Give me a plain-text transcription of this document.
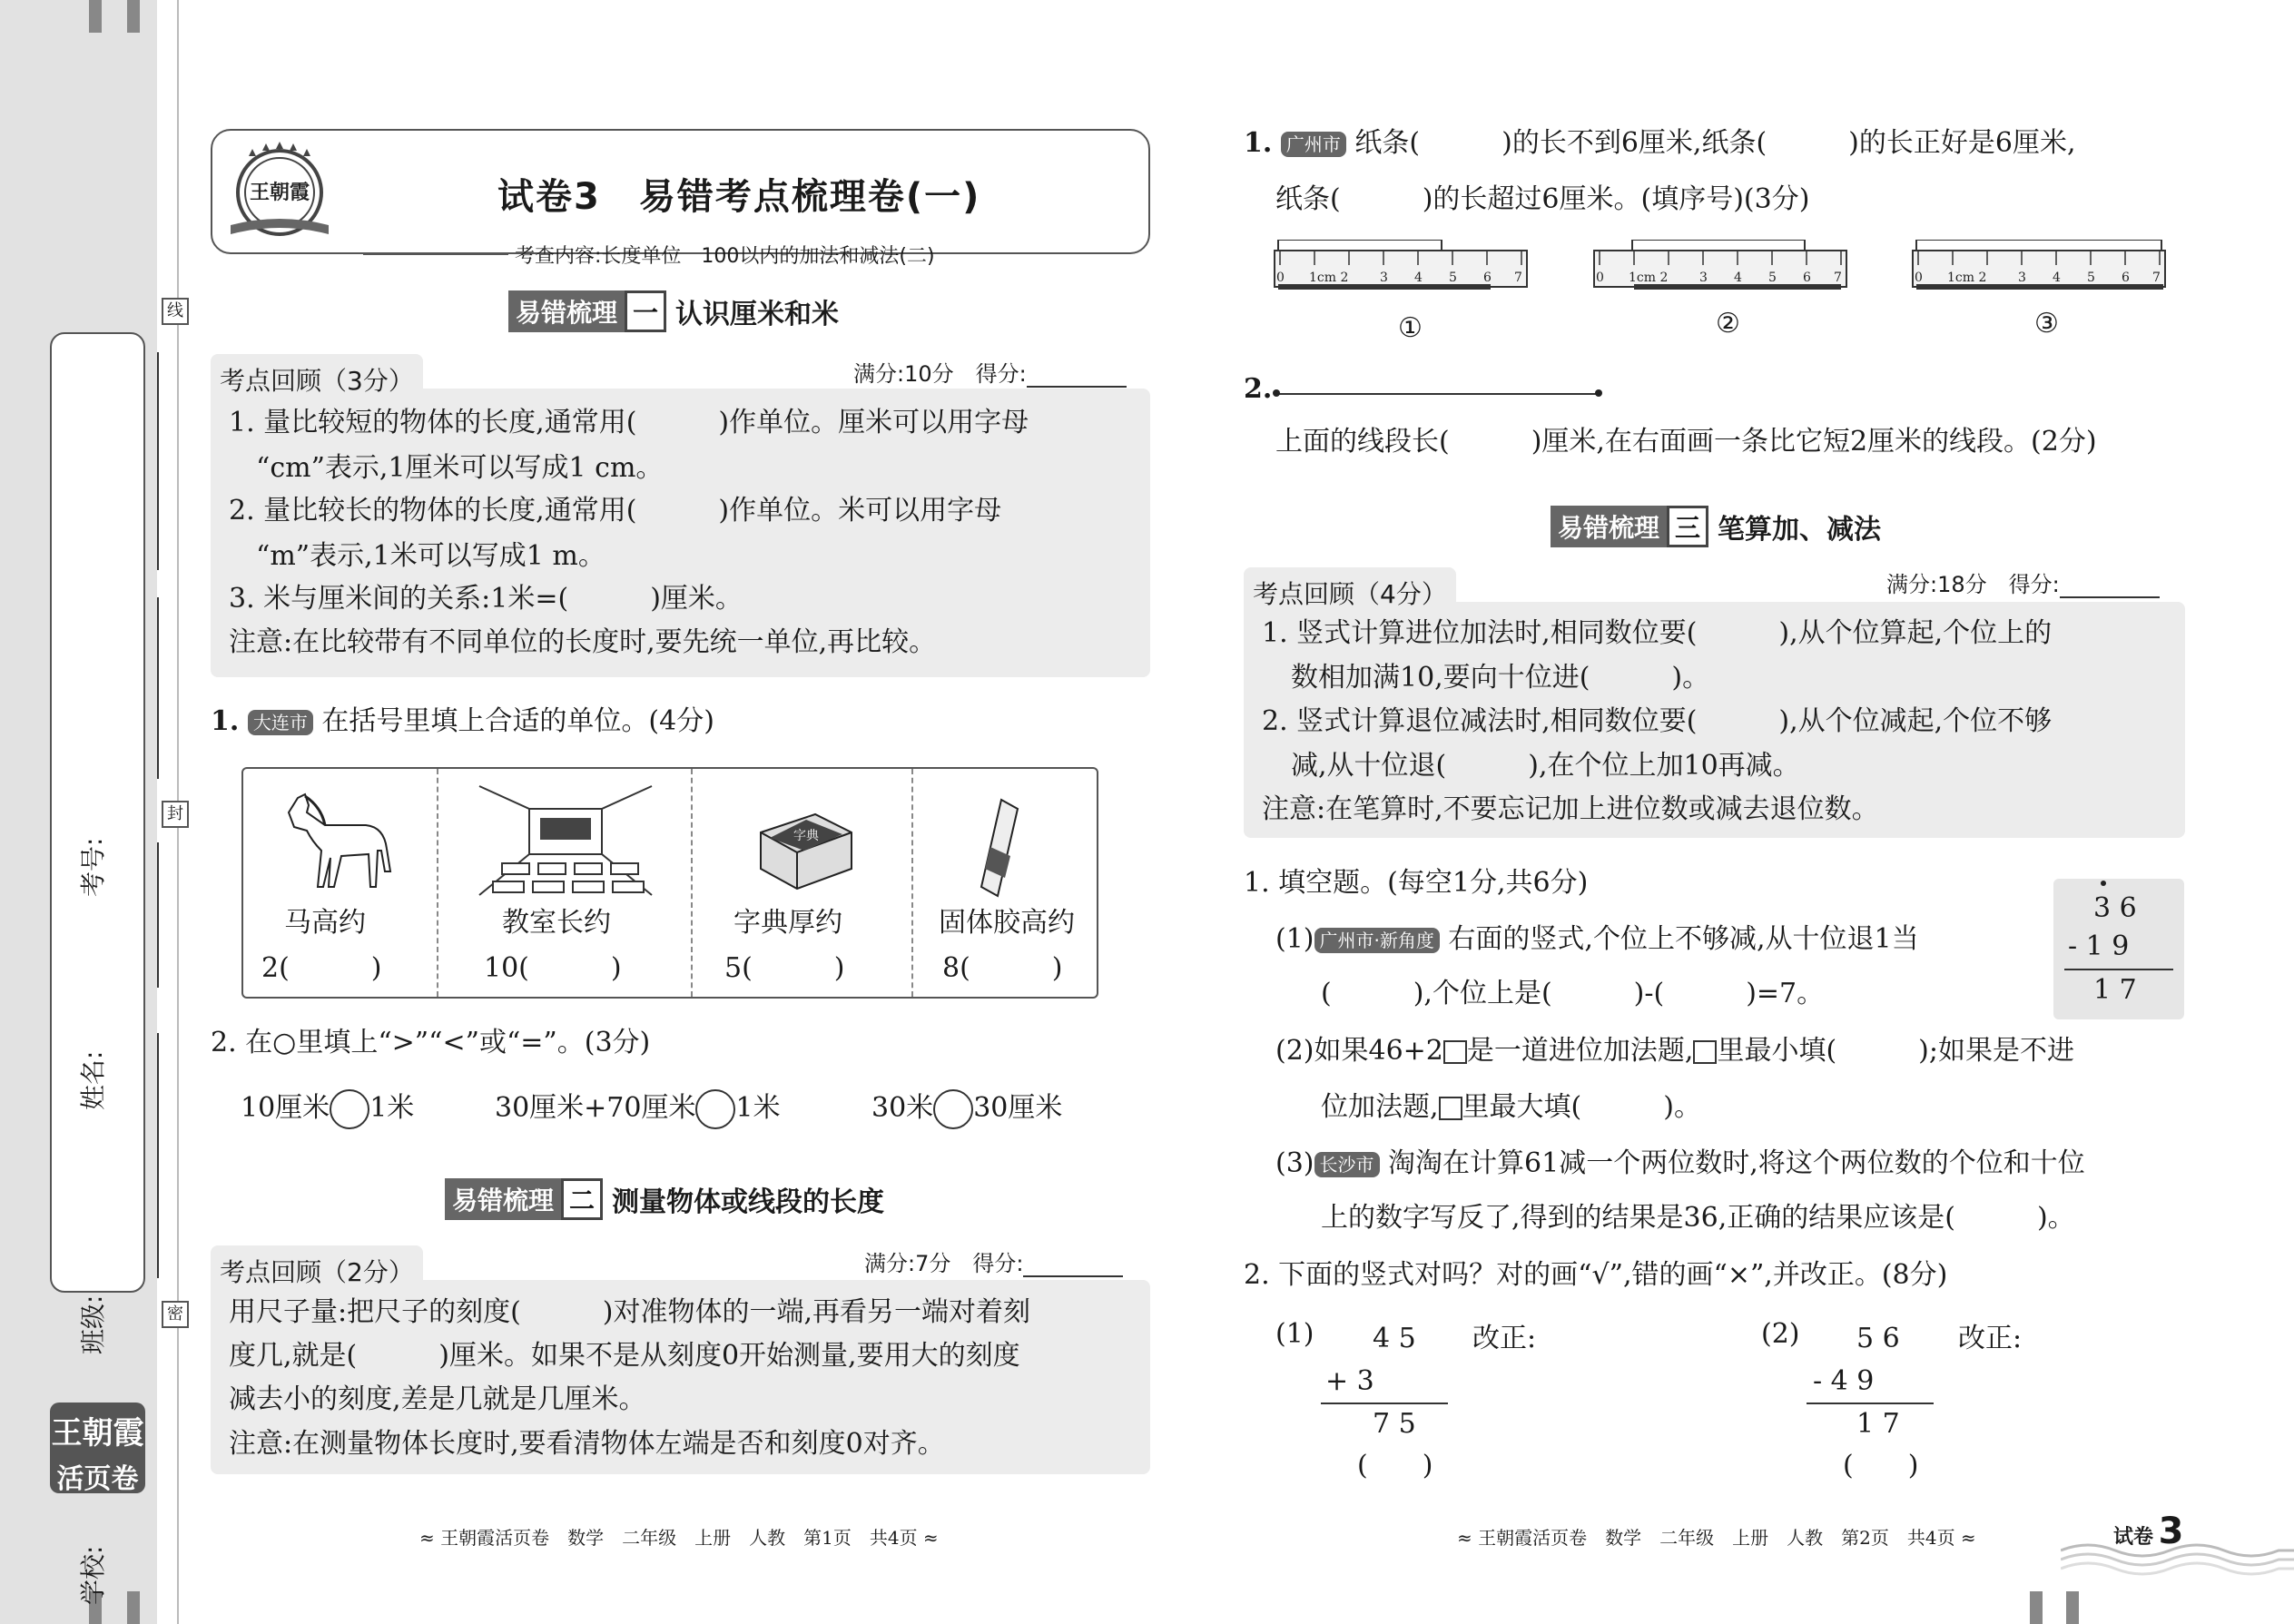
考号:
姓名:
班级:
学校:
线
封
密
王朝霞
活页卷
王朝霞	试卷3　易错考点梳理卷(一)
考查内容:长度单位　100以内的加法和减法(二)
易错梳理 一 认识厘米和米
考点回顾（3分）	满分:10分　得分:
1. 量比较短的物体的长度,通常用(　　　)作单位。厘米可以用字母
“cm”表示,1厘米可以写成1 cm。
2. 量比较长的物体的长度,通常用(　　　)作单位。米可以用字母
“m”表示,1米可以写成1 m。
3. 米与厘米间的关系:1米=(　　　)厘米。
注意:在比较带有不同单位的长度时,要先统一单位,再比较。
1. 大连市 在括号里填上合适的单位。(4分)
字典
马高约
2(　　　)
教室长约
10(　　　)
字典厚约
5(　　　)
固体胶高约
8(　　　)
2. 在○里填上“>”“<”或“=”。(3分)
10厘米 1米	30厘米+70厘米 1米	30米 30厘米
易错梳理 二 测量物体或线段的长度
考点回顾（2分）	满分:7分　得分:
用尺子量:把尺子的刻度(　　　)对准物体的一端,再看另一端对着刻
度几,就是(　　　)厘米。如果不是从刻度0开始测量,要用大的刻度
减去小的刻度,差是几就是几厘米。
注意:在测量物体长度时,要看清物体左端是否和刻度0对齐。
≈ 王朝霞活页卷　数学　二年级　上册　人教　第1页　共4页 ≈
1. 广州市 纸条(　　　)的长不到6厘米,纸条(　　　)的长正好是6厘米,
纸条(　　　)的长超过6厘米。(填序号)(3分)
0 1cm 2 3 4 5 6 7
①
0 1cm 2 3 4 5 6 7
②
0 1cm 2 3 4 5 6 7
③
2.
上面的线段长(　　　)厘米,在右面画一条比它短2厘米的线段。(2分)
易错梳理 三 笔算加、减法
考点回顾（4分）	满分:18分　得分:
1. 竖式计算进位加法时,相同数位要(　　　),从个位算起,个位上的
数相加满10,要向十位进(　　　)。
2. 竖式计算退位减法时,相同数位要(　　　),从个位减起,个位不够
减,从十位退(　　　),在个位上加10再减。
注意:在笔算时,不要忘记加上进位数或减去退位数。
1. 填空题。(每空1分,共6分)
(1) 广州市·新角度 右面的竖式,个位上不够减,从十位退1当
(　　　),个位上是(　　　)-(　　　)=7。
3 6
- 1 9
1 7
(2)如果46+2 是一道进位加法题, 里最小填(　　　);如果是不进
位加法题, 里最大填(　　　)。
(3) 长沙市 淘淘在计算61减一个两位数时,将这个两位数的个位和十位
上的数字写反了,得到的结果是36,正确的结果应该是(　　　)。
2. 下面的竖式对吗？对的画“√”,错的画“×”,并改正。(8分)
(1) 4 5
+ 3
7 5
(　　)
改正:	(2) 5 6
- 4 9
1 7
(　　)
改正:
≈ 王朝霞活页卷　数学　二年级　上册　人教　第2页　共4页 ≈	试卷 3
